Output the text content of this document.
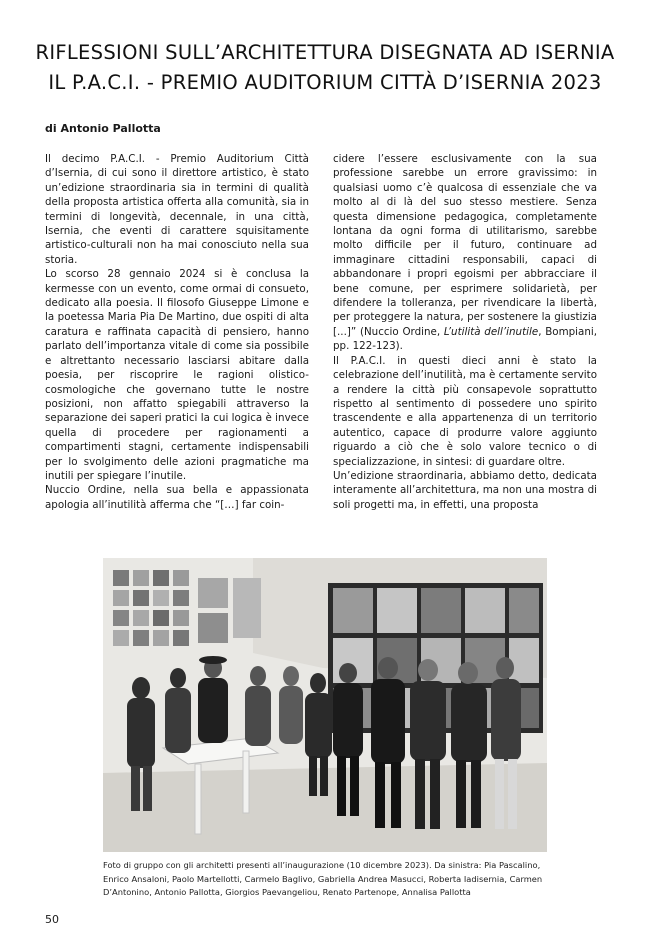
RIFLESSIONI SULL’ARCHITETTURA DISEGNATA AD ISERNIA
IL P.A.C.I. - PREMIO AUDITORIUM CITTÀ D’ISERNIA 2023

di Antonio Pallotta

Il decimo P.A.C.I. - Premio Auditorium Città d’Isernia, di cui sono il direttore artistico, è stato un’edizione straordinaria sia in termini di qualità della proposta artistica offerta alla comunità, sia in termini di longevità, decennale, in una città, Isernia, che eventi di carattere squisitamente artistico-culturali non ha mai conosciuto nella sua storia.

Lo scorso 28 gennaio 2024 si è conclusa la kermesse con un evento, come ormai di consueto, dedicato alla poesia. Il filosofo Giuseppe Limone e la poetessa Maria Pia De Martino, due ospiti di alta caratura e raffinata capacità di pensiero, hanno parlato dell’importanza vitale di come sia possibile e altrettanto necessario lasciarsi abitare dalla poesia, per riscoprire le ragioni olistico-cosmologiche che governano tutte le nostre posizioni, non affatto spiegabili attraverso la separazione dei saperi pratici la cui logica è invece quella di procedere per ragionamenti a compartimenti stagni, certamente indispensabili per lo svolgimento delle azioni pragmatiche ma inutili per spiegare l’inutile.

Nuccio Ordine, nella sua bella e appassionata apologia all’inutilità afferma che “[…] far coin-

cidere l’essere esclusivamente con la sua professione sarebbe un errore gravissimo: in qualsiasi uomo c’è qualcosa di essenziale che va molto al di là del suo stesso mestiere. Senza questa dimensione pedagogica, completamente lontana da ogni forma di utilitarismo, sarebbe molto difficile per il futuro, continuare ad immaginare cittadini responsabili, capaci di abbandonare i propri egoismi per abbracciare il bene comune, per esprimere solidarietà, per difendere la tolleranza, per rivendicare la libertà, per proteggere la natura, per sostenere la giustizia [...]” (Nuccio Ordine, L’utilità dell’inutile, Bompiani, pp. 122-123).

Il P.A.C.I. in questi dieci anni è stato la celebrazione dell’inutilità, ma è certamente servito a rendere la città più consapevole soprattutto rispetto al sentimento di possedere uno spirito trascendente e alla appartenenza di un territorio autentico, capace di produrre valore aggiunto riguardo a ciò che è solo valore tecnico o di specializzazione, in sintesi: di guardare oltre.

Un’edizione straordinaria, abbiamo detto, dedicata interamente all’architettura, ma non una mostra di soli progetti ma, in effetti, una proposta

Foto di gruppo con gli architetti presenti all’inaugurazione (10 dicembre 2023). Da sinistra: Pia Pascalino, Enrico Ansaloni, Paolo Martellotti, Carmelo Baglivo, Gabriella Andrea Masucci, Roberta Iadisernia, Carmen D’Antonino, Antonio Pallotta, Giorgios Paevangeliou, Renato Partenope, Annalisa Pallotta

50
